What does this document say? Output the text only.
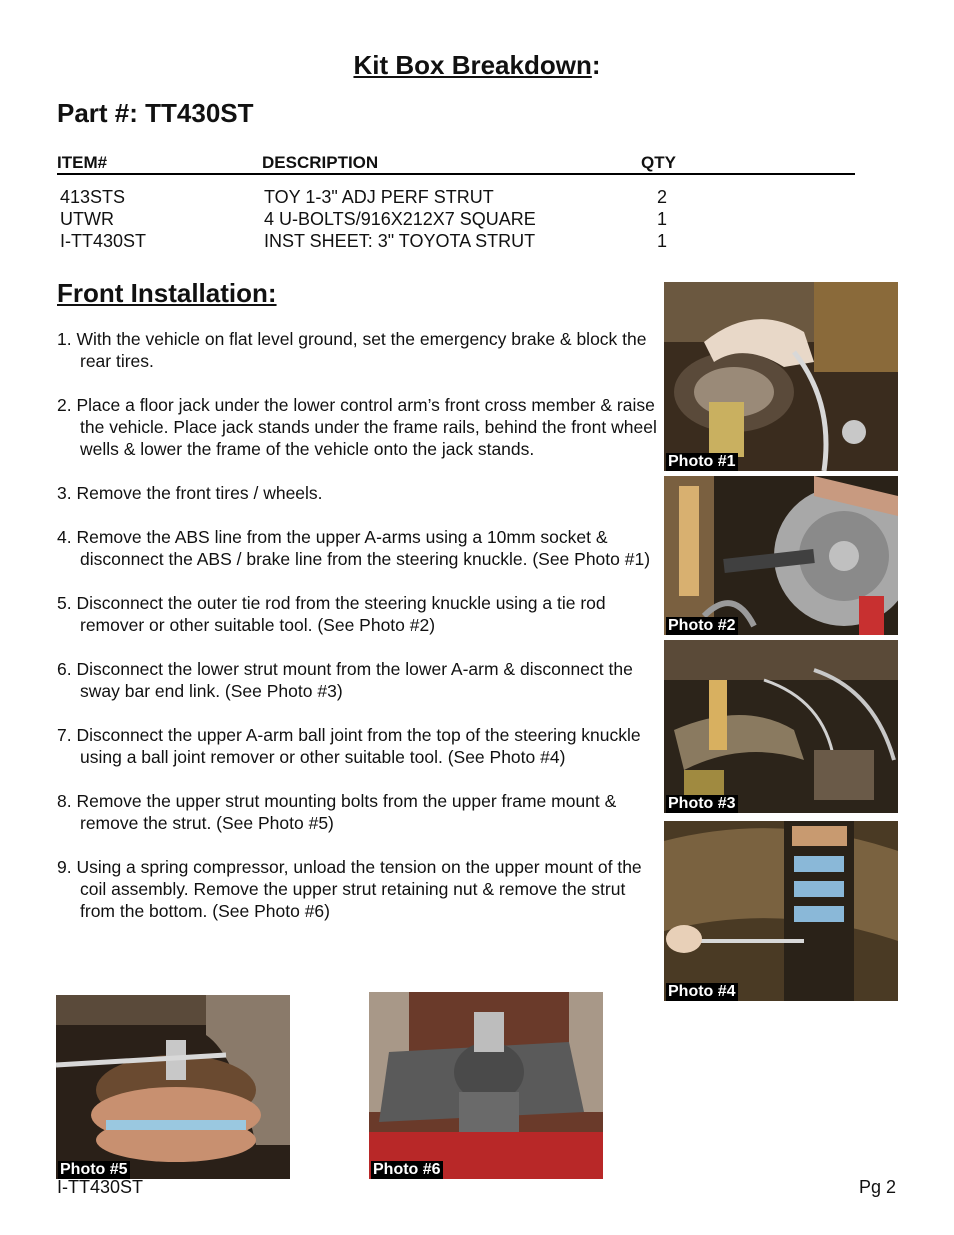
Kit Box Breakdown:
Part #: TT430ST
ITEM#	DESCRIPTION	QTY
413STS	TOY 1-3" ADJ PERF STRUT	2
UTWR	4 U-BOLTS/916X212X7 SQUARE	1
I-TT430ST	INST SHEET: 3" TOYOTA STRUT	1
Front Installation:

1. With the vehicle on flat level ground, set the emergency brake & block the rear tires.

2. Place a floor jack under the lower control arm’s front cross member & raise the vehicle. Place jack stands under the frame rails, behind the front wheel wells & lower the frame of the vehicle onto the jack stands.

3. Remove the front tires / wheels.

4. Remove the ABS line from the upper A-arms using a 10mm socket & disconnect the ABS / brake line from the steering knuckle. (See Photo #1)

5. Disconnect the outer tie rod from the steering knuckle using a tie rod remover or other suitable tool. (See Photo #2)

6. Disconnect the lower strut mount from the lower A-arm & disconnect the sway bar end link. (See Photo #3)

7. Disconnect the upper A-arm ball joint from the top of the steering knuckle using a ball joint remover or other suitable tool. (See Photo #4)

8. Remove the upper strut mounting bolts from the upper frame mount & remove the strut. (See Photo #5)

9. Using a spring compressor, unload the tension on the upper mount of the coil assembly. Remove the upper strut retaining nut & remove the strut from the bottom. (See Photo #6)

Photo #1
Photo #2
Photo #3
Photo #4
Photo #5	Photo #6
I-TT430ST	Pg 2
